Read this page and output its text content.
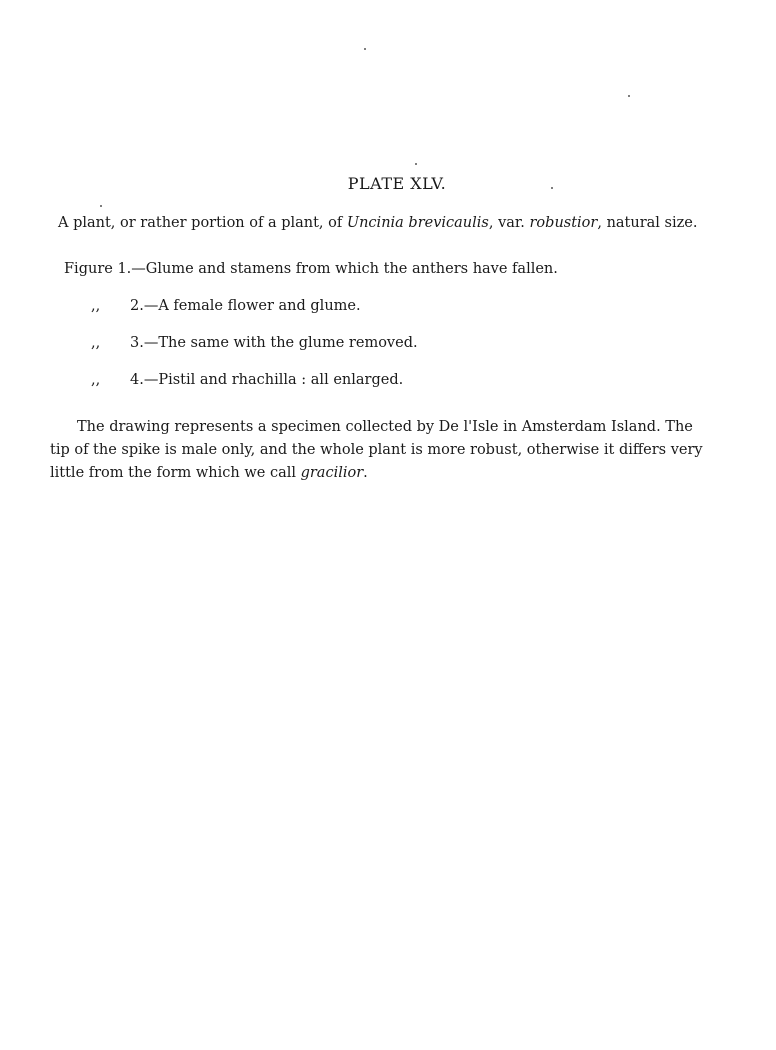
PLATE XLV.
A plant, or rather portion of a plant, of Uncinia brevicaulis, var. robustior, natural size.
Figure 1.—Glume and stamens from which the anthers have fallen.
,,	2.—A female flower and glume.
,,	3.—The same with the glume removed.
,,	4.—Pistil and rhachilla : all enlarged.
The drawing represents a specimen collected by De l'Isle in Amsterdam Island. The
tip of the spike is male only, and the whole plant is more robust, otherwise it differs very
little from the form which we call gracilior.
